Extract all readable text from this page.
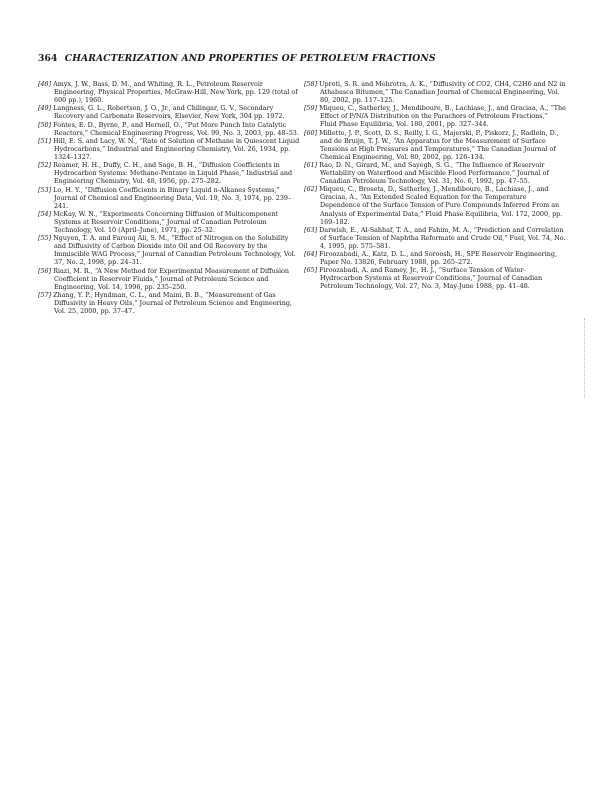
364 CHARACTERIZATION AND PROPERTIES OF PETROLEUM FRACTIONS

[48] Amyx, J. W., Bass, D. M., and Whiting, R. L., Petroleum Reservoir Engineering, Physical Properties, McGraw-Hill, New York, pp. 129 (total of 600 pp.), 1960.

[49] Langness, G. L., Robertson, J. O., Jr., and Chilingar, G. V., Secondary Recovery and Carbonate Reservoirs, Elsevier, New York, 304 pp. 1972.

[50] Fontes, E. D., Byrne, P., and Hernell, O., “Put More Punch Into Catalytic Reactors,” Chemical Engineering Progress, Vol. 99, No. 3, 2003, pp. 48–53.

[51] Hill, E. S. and Lacy, W. N., “Rate of Solution of Methane in Quiescent Liquid Hydrocarbons,” Industrial and Engineering Chemistry, Vol. 26, 1934, pp. 1324–1327.

[52] Reamer, H. H., Duffy, C. H., and Sage, B. H., “Diffusion Coefficients in Hydrocarbon Systems: Methane-Pentane in Liquid Phase,” Industrial and Engineering Chemistry, Vol. 48, 1956, pp. 275–282.

[53] Lo, H. Y., “Diffusion Coefficients in Binary Liquid n-Alkanes Systems,” Journal of Chemical and Engineering Data, Vol. 19, No. 3, 1974, pp. 239–241.

[54] McKay, W. N., “Experiments Concerning Diffusion of Multicomponent Systems at Reservoir Conditions,” Journal of Canadian Petroleum Technology, Vol. 10 (April–June), 1971, pp. 25–32.

[55] Nguyen, T. A. and Farouq Ali, S. M., “Effect of Nitrogen on the Solubility and Diffusivity of Carbon Dioxide into Oil and Oil Recovery by the Immiscible WAG Process,” Journal of Canadian Petroleum Technology, Vol. 37, No. 2, 1998, pp. 24–31.

[56] Riazi, M. R., “A New Method for Experimental Measurement of Diffusion Coefficient in Reservoir Fluids,” Journal of Petroleum Science and Engineering, Vol. 14, 1996, pp. 235–250.

[57] Zhang, Y. P., Hyndman, C. L., and Maini, B. B., “Measurement of Gas Diffusivity in Heavy Oils,” Journal of Petroleum Science and Engineering, Vol. 25, 2000, pp. 37–47.

[58] Upreti, S. R. and Mehrotra, A. K., “Diffusivity of CO2, CH4, C2H6 and N2 in Athabasca Bitumen,” The Canadian Journal of Chemical Engineering, Vol. 80, 2002, pp. 117–125.

[59] Miqueu, C., Satherley, J., Mendiboure, B., Lachiase, J., and Graciaa, A., “The Effect of P/N/A Distribution on the Parachors of Petroleum Fractions,” Fluid Phase Equilibria, Vol. 180, 2001, pp. 327–344.

[60] Millette, J. P., Scott, D. S., Reilly, I. G., Majerski, P., Piskorz, J., Radlein, D., and de Bruijn, T. J. W., “An Apparatus for the Measurement of Surface Tensions at High Pressures and Temperatures,” The Canadian Journal of Chemical Engineering, Vol. 80, 2002, pp. 126–134.

[61] Rao, D. N., Girard, M., and Sayegh, S. G., “The Influence of Reservoir Wettability on Waterflood and Miscible Flood Performance,” Journal of Canadian Petroleum Technology, Vol. 31, No. 6, 1992, pp. 47–55.

[62] Miqueu, C., Broseta, D., Satherley, J., Mendiboure, B., Lachiase, J., and Graciaa, A., “An Extended Scaled Equation for the Temperature Dependence of the Surface Tension of Pure Compounds Inferred From an Analysis of Experimental Data,” Fluid Phase Equilibria, Vol. 172, 2000, pp. 169–182.

[63] Darwish, E., Al-Sahhaf, T. A., and Fahim, M. A., “Prediction and Correlation of Surface Tension of Naphtha Reformate and Crude Oil,” Fuel, Vol. 74, No. 4, 1995, pp. 575–581.

[64] Firoozabadi, A., Katz, D. L., and Soroosh, H., SPE Reservoir Engineering, Paper No. 13826, February 1988, pp. 265–272.

[65] Firoozabadi, A. and Ramey, Jr., H. J., “Surface Tension of Water-Hydrocarbon Systems at Reservoir Conditions,” Journal of Canadian Petroleum Technology, Vol. 27, No. 3, May-June 1988, pp. 41–48.
